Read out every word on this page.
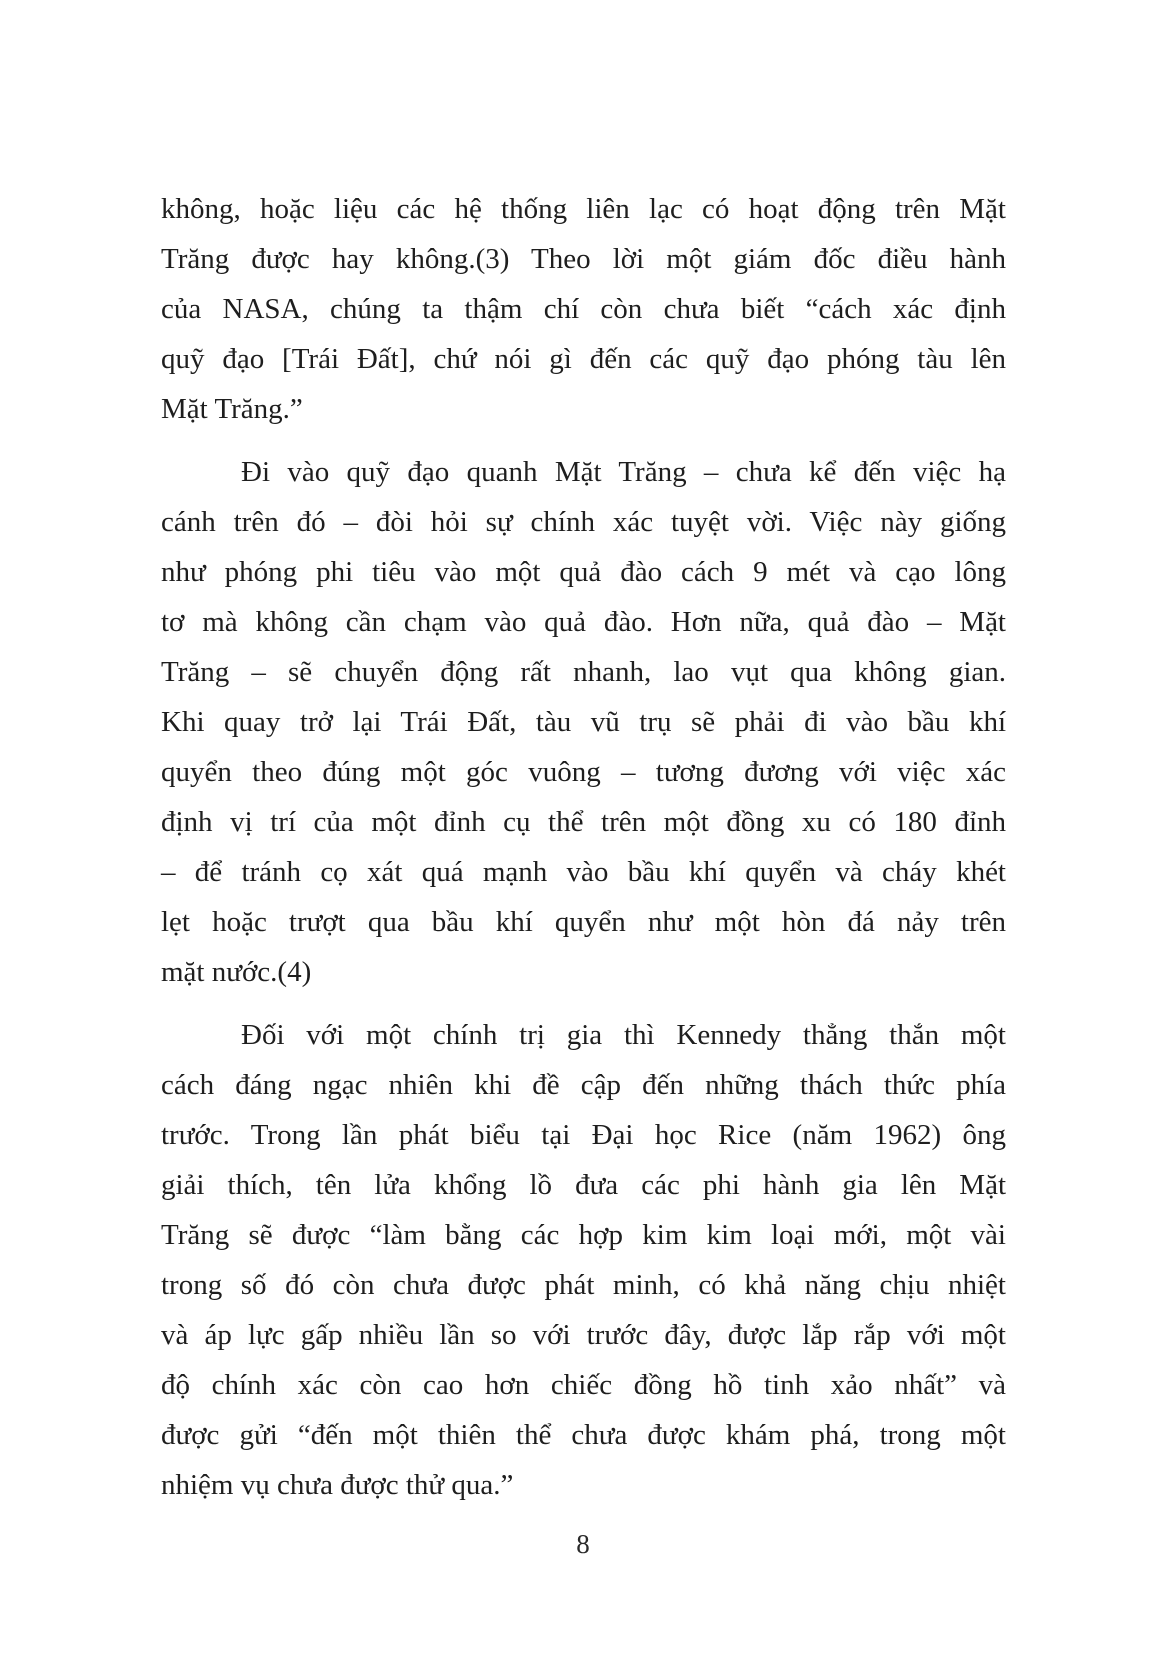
không, hoặc liệu các hệ thống liên lạc có hoạt động trên Mặt
Trăng được hay không.(3) Theo lời một giám đốc điều hành
của NASA, chúng ta thậm chí còn chưa biết “cách xác định
quỹ đạo [Trái Đất], chứ nói gì đến các quỹ đạo phóng tàu lên
Mặt Trăng.”

Đi vào quỹ đạo quanh Mặt Trăng – chưa kể đến việc hạ
cánh trên đó – đòi hỏi sự chính xác tuyệt vời. Việc này giống
như phóng phi tiêu vào một quả đào cách 9 mét và cạo lông
tơ mà không cần chạm vào quả đào. Hơn nữa, quả đào – Mặt
Trăng – sẽ chuyển động rất nhanh, lao vụt qua không gian.
Khi quay trở lại Trái Đất, tàu vũ trụ sẽ phải đi vào bầu khí
quyển theo đúng một góc vuông – tương đương với việc xác
định vị trí của một đỉnh cụ thể trên một đồng xu có 180 đỉnh
– để tránh cọ xát quá mạnh vào bầu khí quyển và cháy khét
lẹt hoặc trượt qua bầu khí quyển như một hòn đá nảy trên
mặt nước.(4)

Đối với một chính trị gia thì Kennedy thẳng thắn một
cách đáng ngạc nhiên khi đề cập đến những thách thức phía
trước. Trong lần phát biểu tại Đại học Rice (năm 1962) ông
giải thích, tên lửa khổng lồ đưa các phi hành gia lên Mặt
Trăng sẽ được “làm bằng các hợp kim kim loại mới, một vài
trong số đó còn chưa được phát minh, có khả năng chịu nhiệt
và áp lực gấp nhiều lần so với trước đây, được lắp rắp với một
độ chính xác còn cao hơn chiếc đồng hồ tinh xảo nhất” và
được gửi “đến một thiên thể chưa được khám phá, trong một
nhiệm vụ chưa được thử qua.”

8
